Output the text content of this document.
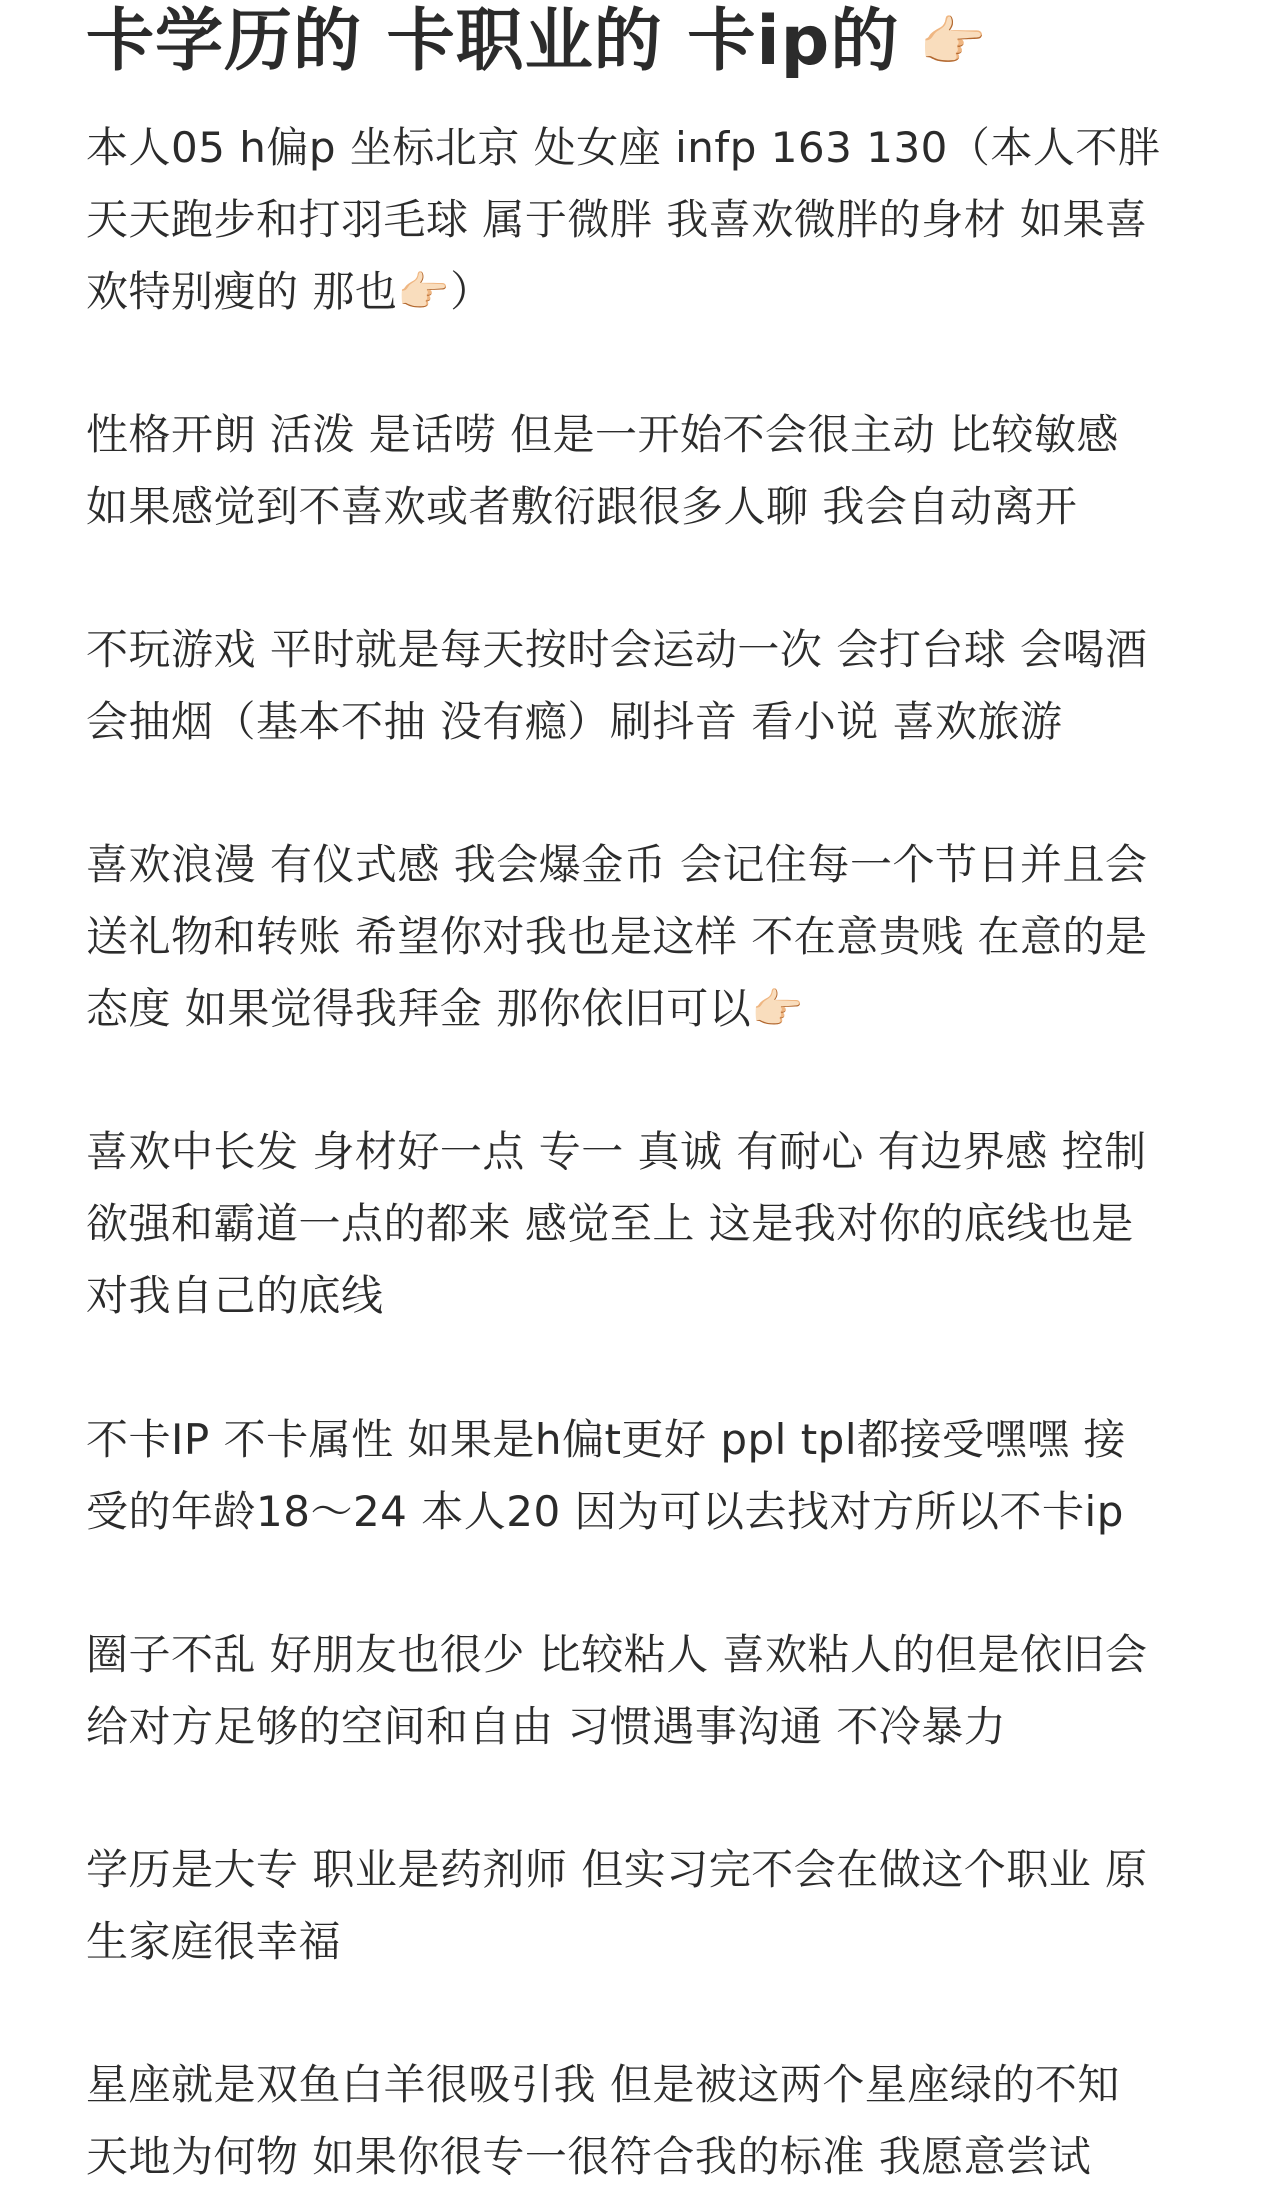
卡学历的 卡职业的 卡ip的 👉🏻
本人05 h偏p 坐标北京 处女座 infp 163 130（本人不胖
天天跑步和打羽毛球 属于微胖 我喜欢微胖的身材 如果喜
欢特别瘦的 那也👉🏻）
性格开朗 活泼 是话唠 但是一开始不会很主动 比较敏感
如果感觉到不喜欢或者敷衍跟很多人聊 我会自动离开
不玩游戏 平时就是每天按时会运动一次 会打台球 会喝酒
会抽烟（基本不抽 没有瘾）刷抖音 看小说 喜欢旅游
喜欢浪漫 有仪式感 我会爆金币 会记住每一个节日并且会
送礼物和转账 希望你对我也是这样 不在意贵贱 在意的是
态度 如果觉得我拜金 那你依旧可以👉🏻
喜欢中长发 身材好一点 专一 真诚 有耐心 有边界感 控制
欲强和霸道一点的都来 感觉至上 这是我对你的底线也是
对我自己的底线
不卡IP 不卡属性 如果是h偏t更好 ppl tpl都接受嘿嘿 接
受的年龄18～24 本人20 因为可以去找对方所以不卡ip
圈子不乱 好朋友也很少 比较粘人 喜欢粘人的但是依旧会
给对方足够的空间和自由 习惯遇事沟通 不冷暴力
学历是大专 职业是药剂师 但实习完不会在做这个职业 原
生家庭很幸福
星座就是双鱼白羊很吸引我 但是被这两个星座绿的不知
天地为何物 如果你很专一很符合我的标准 我愿意尝试
